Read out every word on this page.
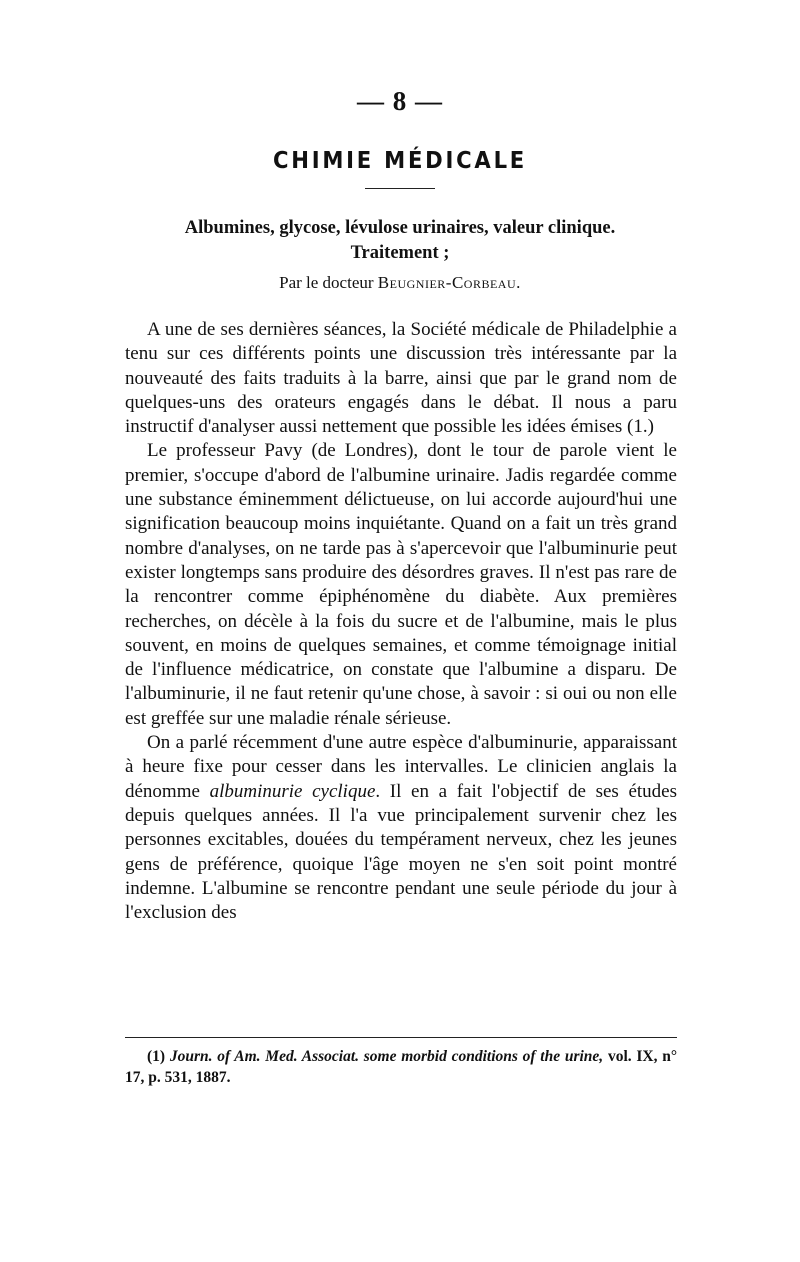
— 8 —
CHIMIE MÉDICALE
Albumines, glycose, lévulose urinaires, valeur clinique.
Traitement ;
Par le docteur Beugnier-Corbeau.

A une de ses dernières séances, la Société médicale de Philadelphie a tenu sur ces différents points une discussion très intéressante par la nouveauté des faits traduits à la barre, ainsi que par le grand nom de quelques-uns des orateurs engagés dans le débat. Il nous a paru instructif d'analyser aussi nettement que possible les idées émises (1.)

Le professeur Pavy (de Londres), dont le tour de parole vient le premier, s'occupe d'abord de l'albumine urinaire. Jadis regardée comme une substance éminemment délictueuse, on lui accorde aujourd'hui une signification beaucoup moins inquiétante. Quand on a fait un très grand nombre d'analyses, on ne tarde pas à s'apercevoir que l'albuminurie peut exister longtemps sans produire des désordres graves. Il n'est pas rare de la rencontrer comme épiphénomène du diabète. Aux premières recherches, on décèle à la fois du sucre et de l'albumine, mais le plus souvent, en moins de quelques semaines, et comme témoignage initial de l'influence médicatrice, on constate que l'albumine a disparu. De l'albuminurie, il ne faut retenir qu'une chose, à savoir : si oui ou non elle est greffée sur une maladie rénale sérieuse.

On a parlé récemment d'une autre espèce d'albuminurie, apparaissant à heure fixe pour cesser dans les intervalles. Le clinicien anglais la dénomme albuminurie cyclique. Il en a fait l'objectif de ses études depuis quelques années. Il l'a vue principalement survenir chez les personnes excitables, douées du tempérament nerveux, chez les jeunes gens de préférence, quoique l'âge moyen ne s'en soit point montré indemne. L'albumine se rencontre pendant une seule période du jour à l'exclusion des

(1) Journ. of Am. Med. Associat. some morbid conditions of the urine, vol. IX, n° 17, p. 531, 1887.
